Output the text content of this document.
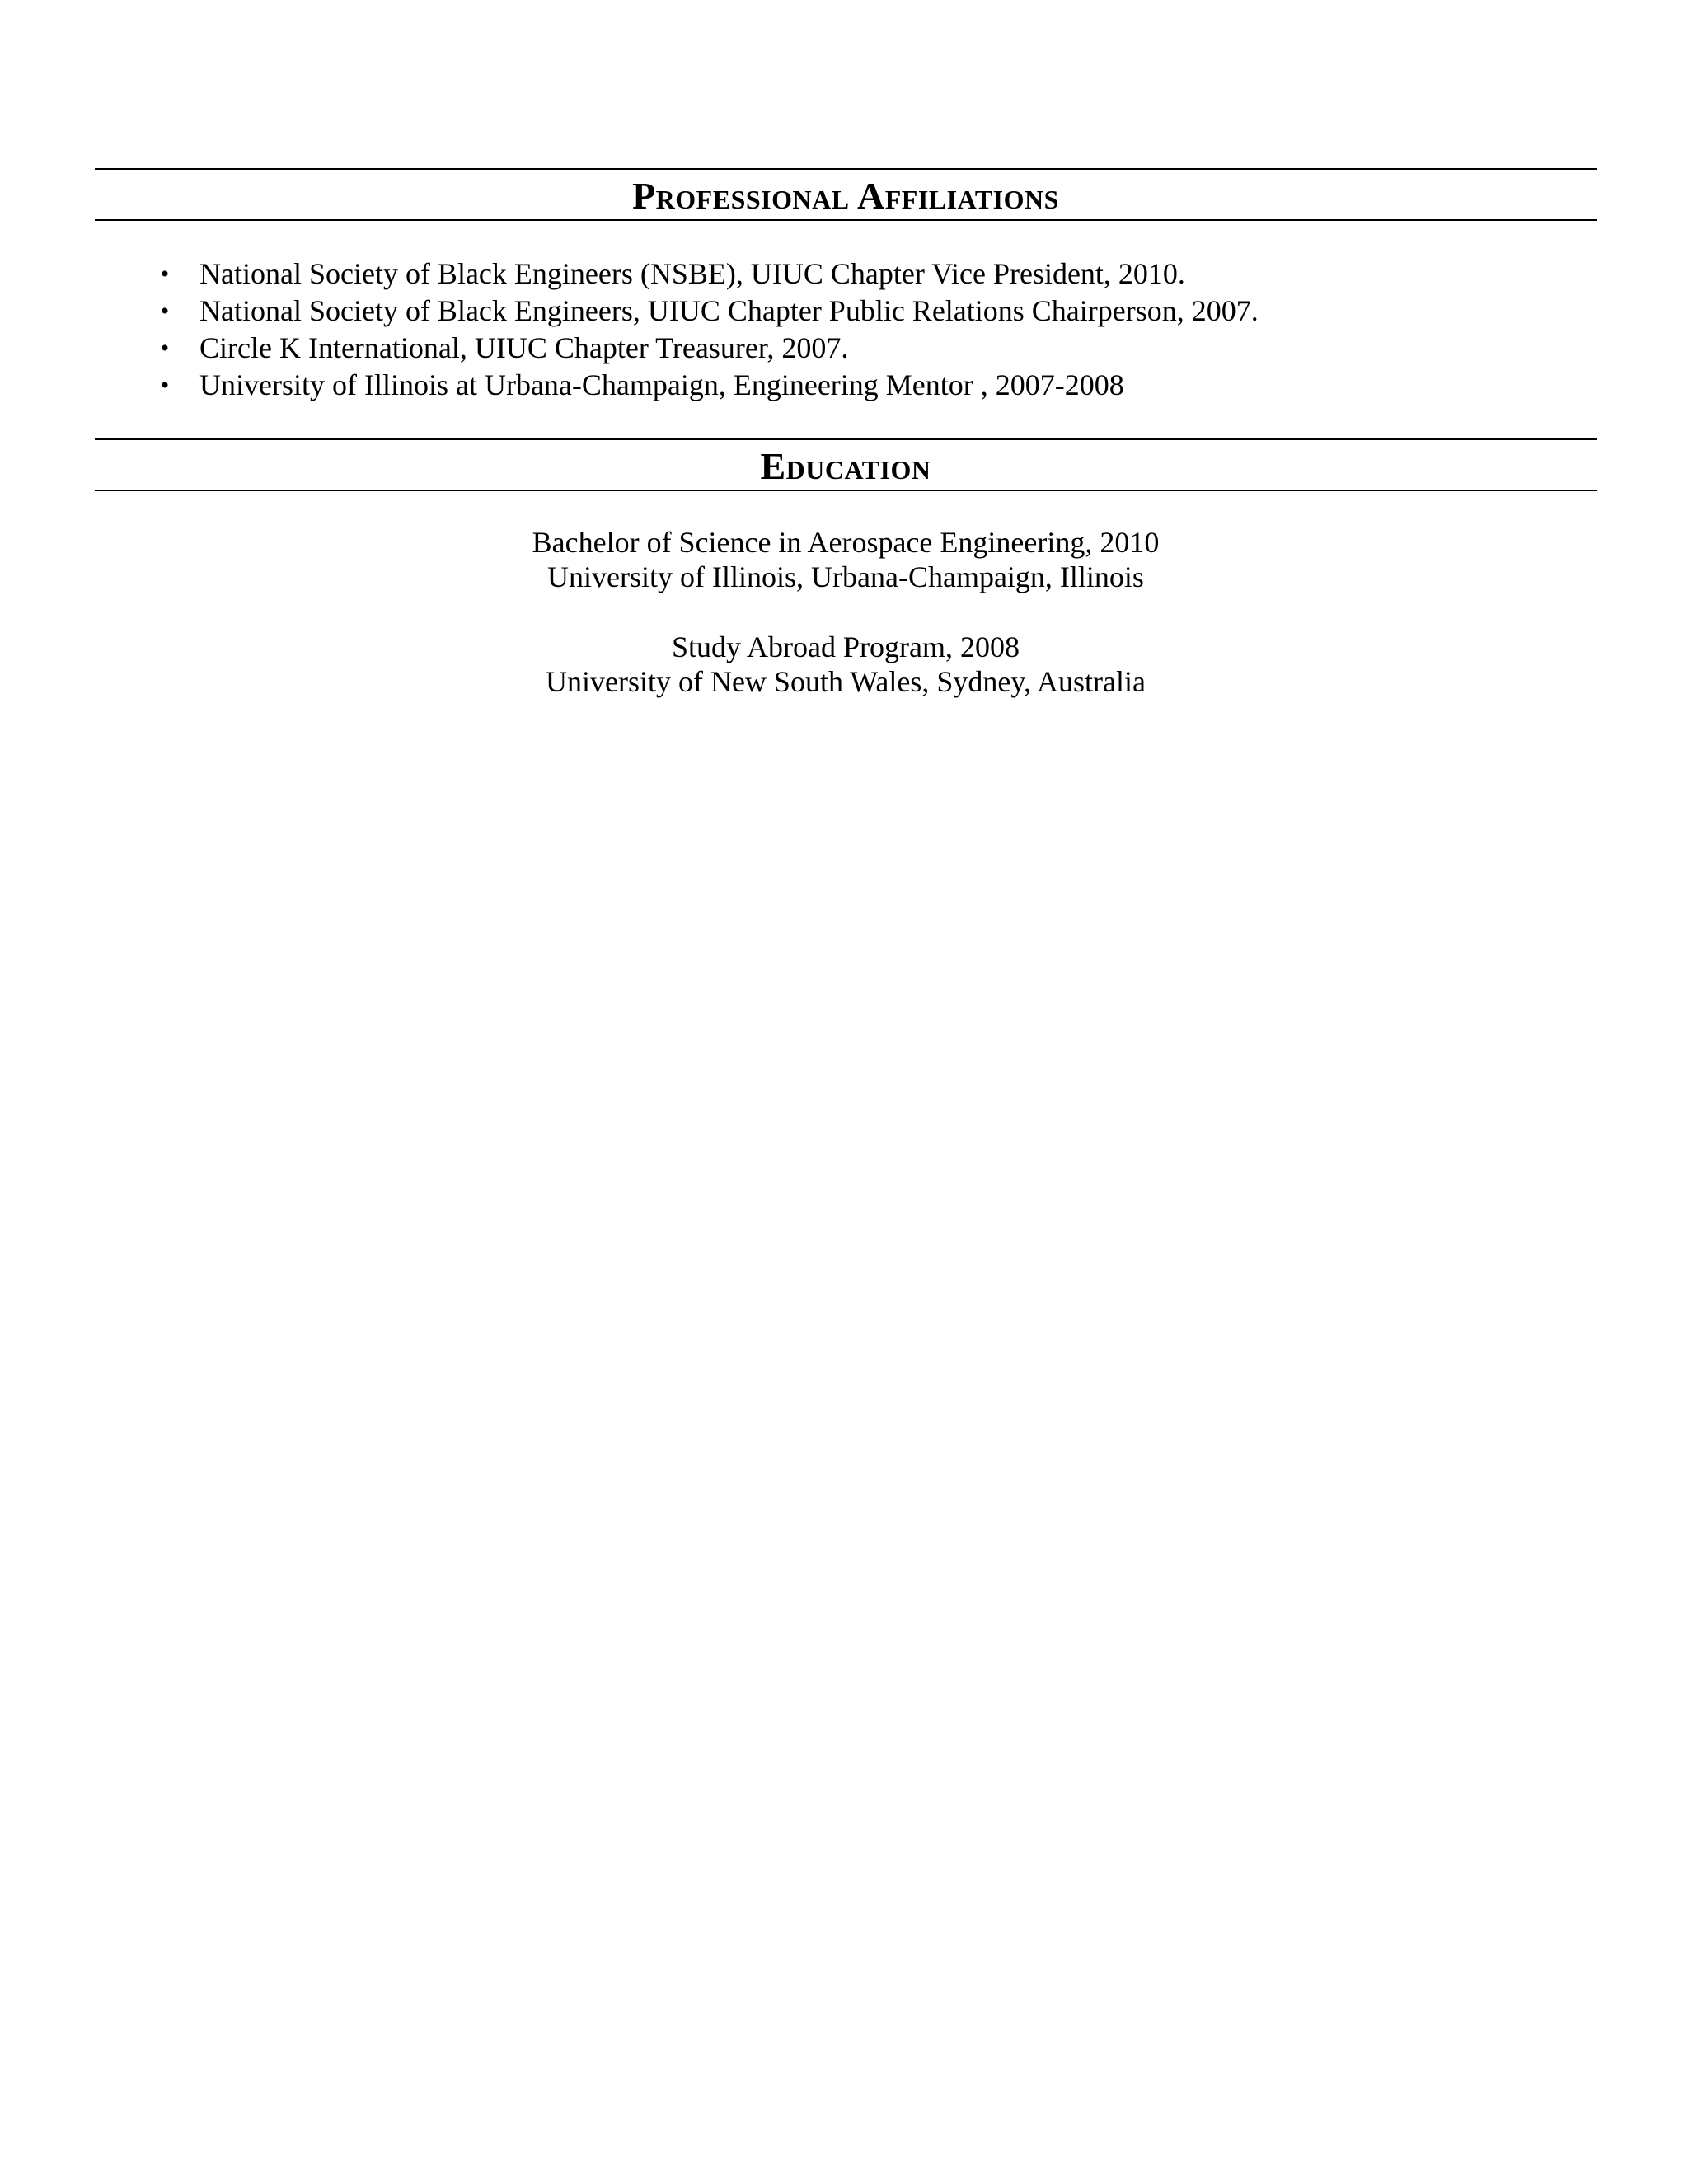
Professional Affiliations
• National Society of Black Engineers (NSBE), UIUC Chapter Vice President, 2010.
• National Society of Black Engineers, UIUC Chapter Public Relations Chairperson, 2007.
• Circle K International, UIUC Chapter Treasurer, 2007.
• University of Illinois at Urbana-Champaign, Engineering Mentor , 2007-2008
Education
Bachelor of Science in Aerospace Engineering, 2010
University of Illinois, Urbana-Champaign, Illinois
Study Abroad Program, 2008
University of New South Wales, Sydney, Australia
